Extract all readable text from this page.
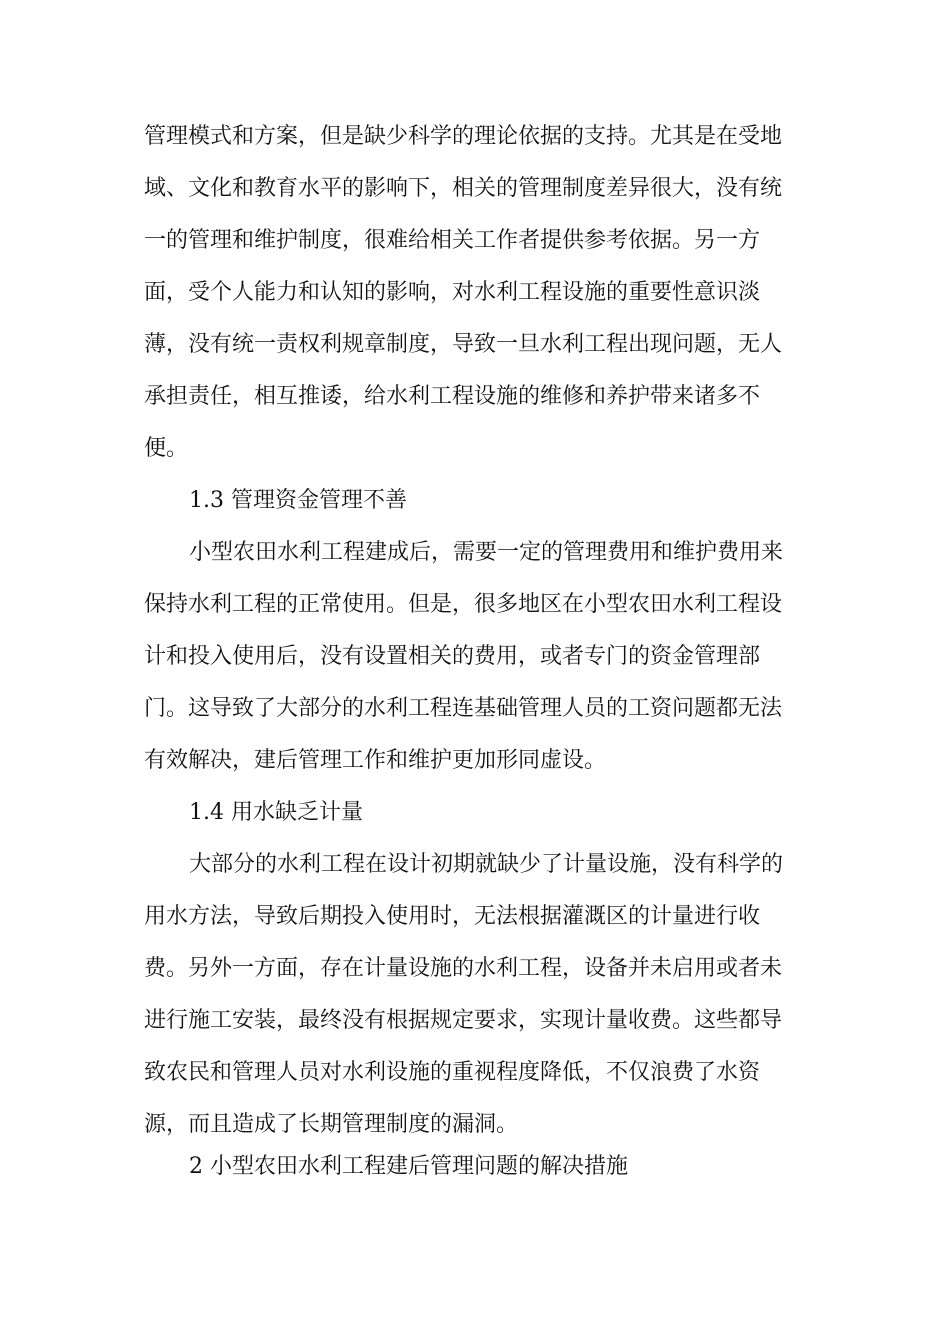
管理模式和方案，但是缺少科学的理论依据的支持。尤其是在受地
域、文化和教育水平的影响下，相关的管理制度差异很大，没有统
一的管理和维护制度，很难给相关工作者提供参考依据。另一方
面，受个人能力和认知的影响，对水利工程设施的重要性意识淡
薄，没有统一责权利规章制度，导致一旦水利工程出现问题，无人
承担责任，相互推诿，给水利工程设施的维修和养护带来诸多不
便。
1.3 管理资金管理不善
小型农田水利工程建成后，需要一定的管理费用和维护费用来
保持水利工程的正常使用。但是，很多地区在小型农田水利工程设
计和投入使用后，没有设置相关的费用，或者专门的资金管理部
门。这导致了大部分的水利工程连基础管理人员的工资问题都无法
有效解决，建后管理工作和维护更加形同虚设。
1.4 用水缺乏计量
大部分的水利工程在设计初期就缺少了计量设施，没有科学的
用水方法，导致后期投入使用时，无法根据灌溉区的计量进行收
费。另外一方面，存在计量设施的水利工程，设备并未启用或者未
进行施工安装，最终没有根据规定要求，实现计量收费。这些都导
致农民和管理人员对水利设施的重视程度降低，不仅浪费了水资
源，而且造成了长期管理制度的漏洞。
2 小型农田水利工程建后管理问题的解决措施
